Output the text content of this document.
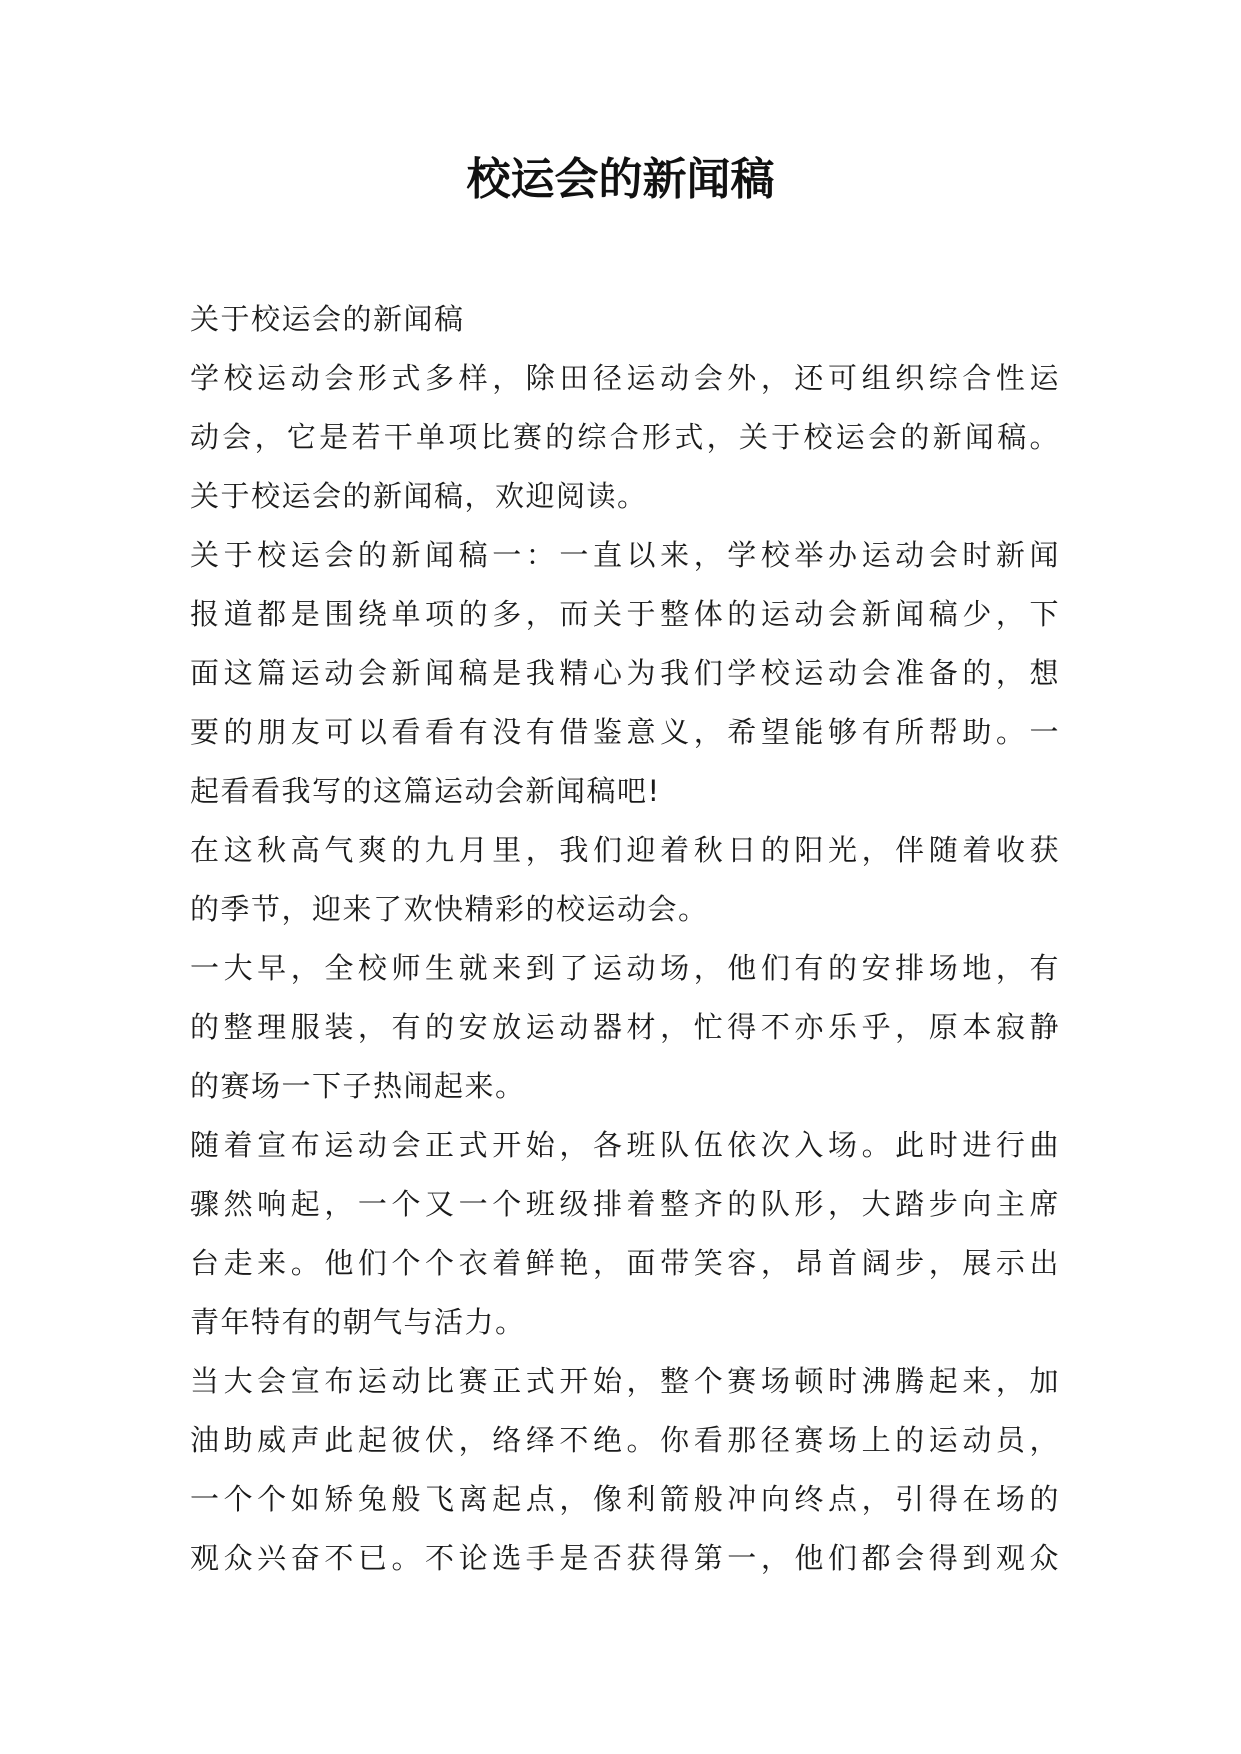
校运会的新闻稿
关于校运会的新闻稿
学校运动会形式多样，除田径运动会外，还可组织综合性运
动会，它是若干单项比赛的综合形式，关于校运会的新闻稿。
关于校运会的新闻稿，欢迎阅读。
关于校运会的新闻稿一：一直以来，学校举办运动会时新闻
报道都是围绕单项的多，而关于整体的运动会新闻稿少，下
面这篇运动会新闻稿是我精心为我们学校运动会准备的，想
要的朋友可以看看有没有借鉴意义，希望能够有所帮助。一
起看看我写的这篇运动会新闻稿吧!
在这秋高气爽的九月里，我们迎着秋日的阳光，伴随着收获
的季节，迎来了欢快精彩的校运动会。
一大早，全校师生就来到了运动场，他们有的安排场地，有
的整理服装，有的安放运动器材，忙得不亦乐乎，原本寂静
的赛场一下子热闹起来。
随着宣布运动会正式开始，各班队伍依次入场。此时进行曲
骤然响起，一个又一个班级排着整齐的队形，大踏步向主席
台走来。他们个个衣着鲜艳，面带笑容，昂首阔步，展示出
青年特有的朝气与活力。
当大会宣布运动比赛正式开始，整个赛场顿时沸腾起来，加
油助威声此起彼伏，络绎不绝。你看那径赛场上的运动员，
一个个如矫兔般飞离起点，像利箭般冲向终点，引得在场的
观众兴奋不已。不论选手是否获得第一，他们都会得到观众
